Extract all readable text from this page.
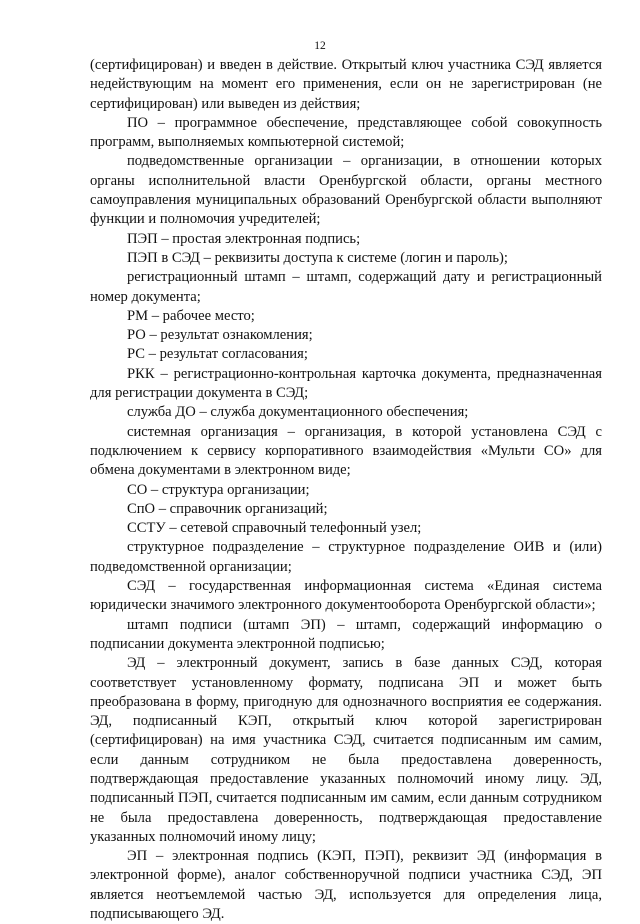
12

(сертифицирован) и введен в действие. Открытый ключ участника СЭД является недействующим на момент его применения, если он не зарегистрирован (не сертифицирован) или выведен из действия;

ПО – программное обеспечение, представляющее собой совокупность программ, выполняемых компьютерной системой;

подведомственные организации – организации, в отношении которых органы исполнительной власти Оренбургской области, органы местного самоуправления муниципальных образований Оренбургской области выполняют функции и полномочия учредителей;

ПЭП – простая электронная подпись;

ПЭП в СЭД – реквизиты доступа к системе (логин и пароль);

регистрационный штамп – штамп, содержащий дату и регистрационный номер документа;

РМ – рабочее место;

РО – результат ознакомления;

РС – результат согласования;

РКК – регистрационно-контрольная карточка документа, предназначенная для регистрации документа в СЭД;

служба ДО – служба документационного обеспечения;

системная организация – организация, в которой установлена СЭД с подключением к сервису корпоративного взаимодействия «Мульти СО» для обмена документами в электронном виде;

СО – структура организации;

СпО – справочник организаций;

ССТУ – сетевой справочный телефонный узел;

структурное подразделение – структурное подразделение ОИВ и (или) подведомственной организации;

СЭД – государственная информационная система «Единая система юридически значимого электронного документооборота Оренбургской области»;

штамп подписи (штамп ЭП) – штамп, содержащий информацию о подписании документа электронной подписью;

ЭД – электронный документ, запись в базе данных СЭД, которая соответствует установленному формату, подписана ЭП и может быть преобразована в форму, пригодную для однозначного восприятия ее содержания. ЭД, подписанный КЭП, открытый ключ которой зарегистрирован (сертифицирован) на имя участника СЭД, считается подписанным им самим, если данным сотрудником не была предоставлена доверенность, подтверждающая предоставление указанных полномочий иному лицу. ЭД, подписанный ПЭП, считается подписанным им самим, если данным сотрудником не была предоставлена доверенность, подтверждающая предоставление указанных полномочий иному лицу;

ЭП – электронная подпись (КЭП, ПЭП), реквизит ЭД (информация в электронной форме), аналог собственноручной подписи участника СЭД, ЭП является неотъемлемой частью ЭД, используется для определения лица, подписывающего ЭД.
